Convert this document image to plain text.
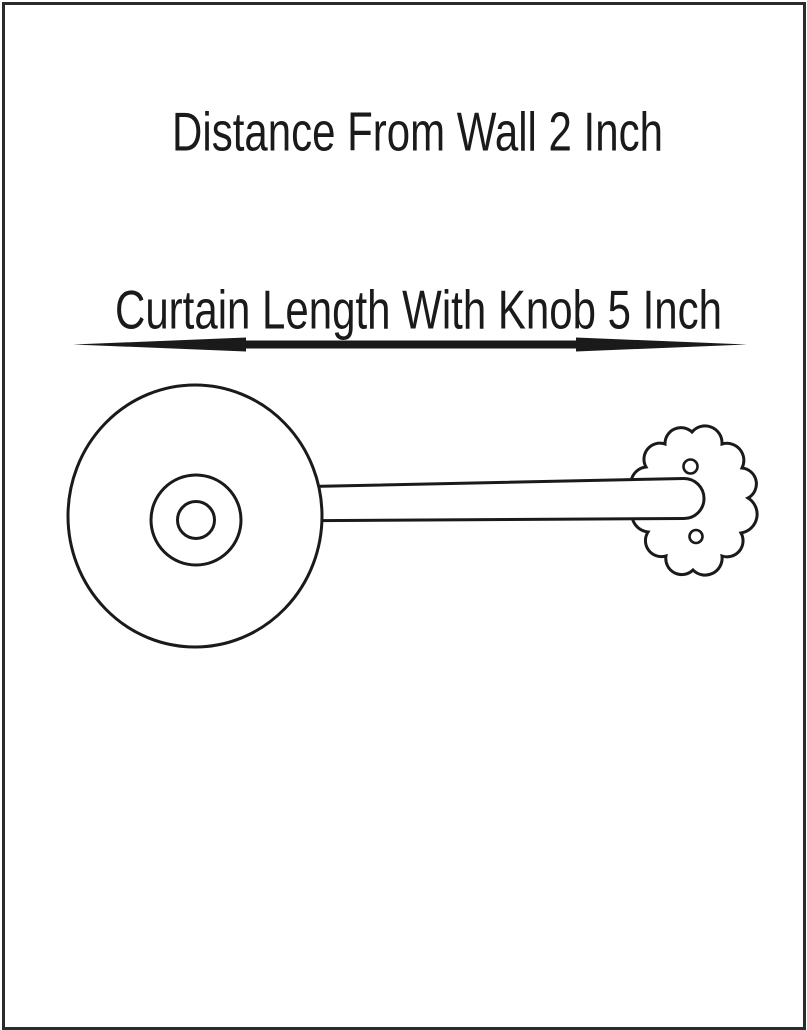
Distance From Wall 2 Inch
Curtain Length With Knob 5 Inch
